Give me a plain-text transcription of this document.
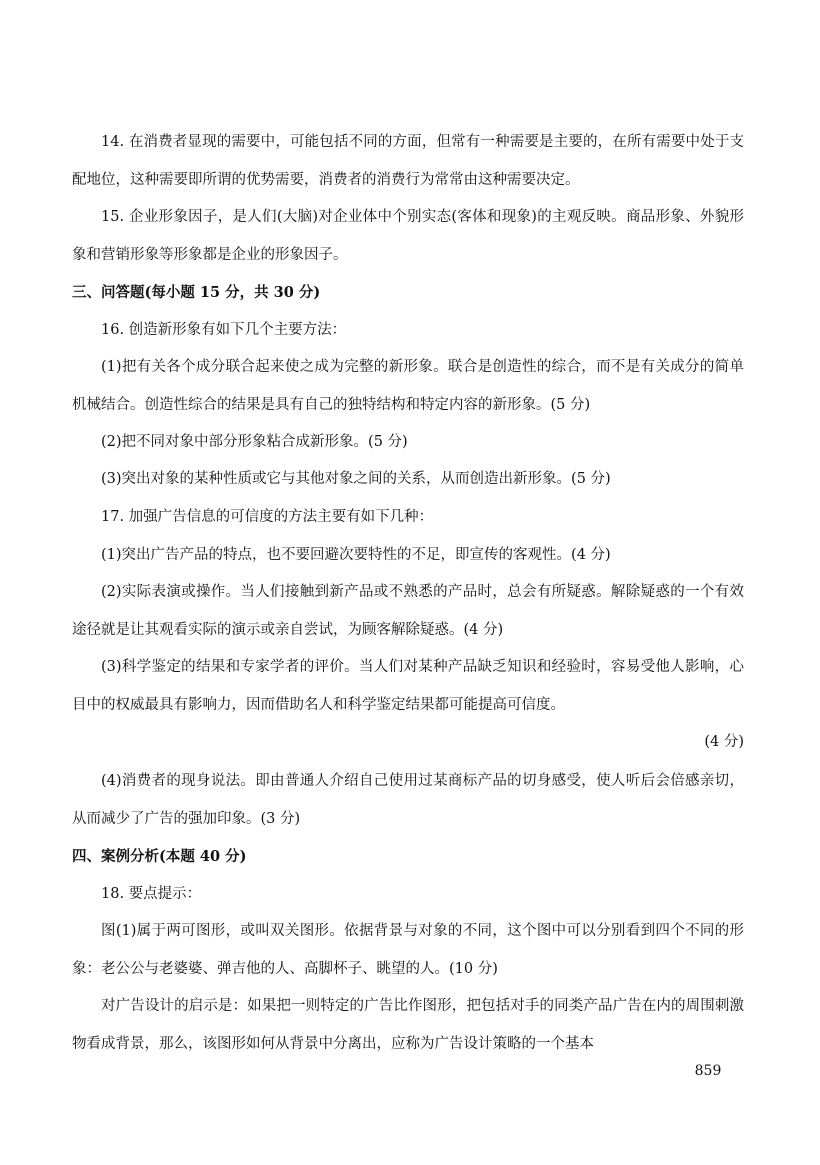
14. 在消费者显现的需要中，可能包括不同的方面，但常有一种需要是主要的，在所有需要中处于支配地位，这种需要即所谓的优势需要，消费者的消费行为常常由这种需要决定。

15. 企业形象因子，是人们(大脑)对企业体中个别实态(客体和现象)的主观反映。商品形象、外貌形象和营销形象等形象都是企业的形象因子。

三、问答题(每小题 15 分，共 30 分)

16. 创造新形象有如下几个主要方法：

(1)把有关各个成分联合起来使之成为完整的新形象。联合是创造性的综合，而不是有关成分的简单机械结合。创造性综合的结果是具有自己的独特结构和特定内容的新形象。(5 分)

(2)把不同对象中部分形象粘合成新形象。(5 分)

(3)突出对象的某种性质或它与其他对象之间的关系，从而创造出新形象。(5 分)

17. 加强广告信息的可信度的方法主要有如下几种：

(1)突出广告产品的特点，也不要回避次要特性的不足，即宣传的客观性。(4 分)

(2)实际表演或操作。当人们接触到新产品或不熟悉的产品时，总会有所疑惑。解除疑惑的一个有效途径就是让其观看实际的演示或亲自尝试，为顾客解除疑惑。(4 分)

(3)科学鉴定的结果和专家学者的评价。当人们对某种产品缺乏知识和经验时，容易受他人影响，心目中的权威最具有影响力，因而借助名人和科学鉴定结果都可能提高可信度。

(4 分)

(4)消费者的现身说法。即由普通人介绍自己使用过某商标产品的切身感受，使人听后会倍感亲切，从而减少了广告的强加印象。(3 分)

四、案例分析(本题 40 分)

18. 要点提示：

图(1)属于两可图形，或叫双关图形。依据背景与对象的不同，这个图中可以分别看到四个不同的形象：老公公与老婆婆、弹吉他的人、高脚杯子、眺望的人。(10 分)

对广告设计的启示是：如果把一则特定的广告比作图形，把包括对手的同类产品广告在内的周围刺激物看成背景，那么，该图形如何从背景中分离出，应称为广告设计策略的一个基本

859
